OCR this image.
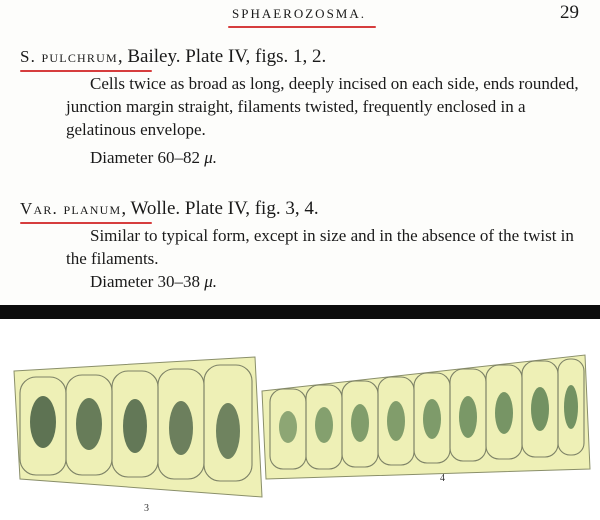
SPHAEROZOSMA.	29
S. pulchrum, Bailey. Plate IV, figs. 1, 2.
Cells twice as broad as long, deeply incised on each side, ends rounded, junction margin straight, filaments twisted, frequently enclosed in a gelatinous envelope.
Diameter 60–82 μ.
Var. planum, Wolle. Plate IV, fig. 3, 4.
Similar to typical form, except in size and in the absence of the twist in the filaments.
Diameter 30–38 μ.
3
4
